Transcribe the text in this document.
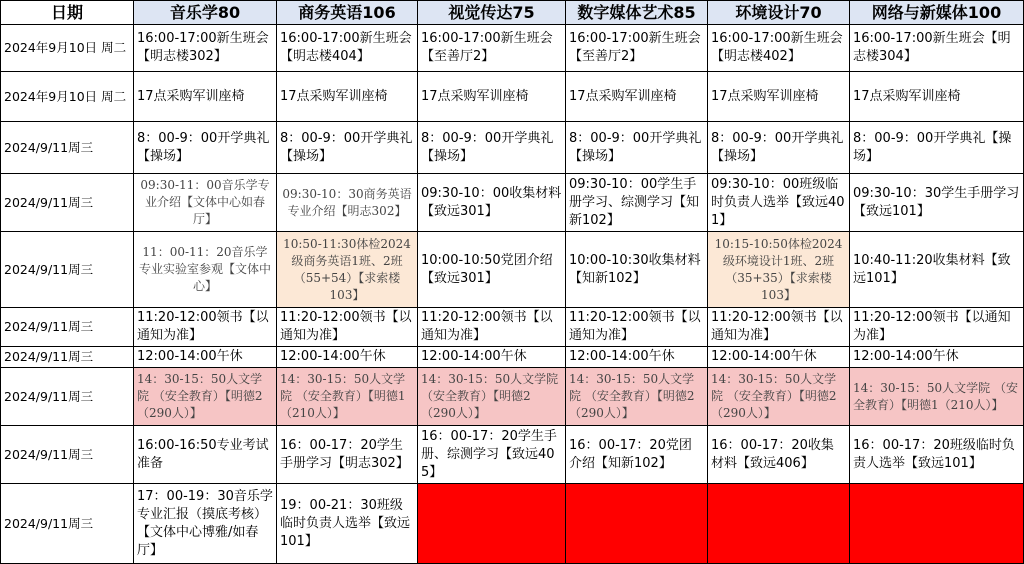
日期	音乐学80	商务英语106	视觉传达75	数字媒体艺术85	环境设计70	网络与新媒体100
2024年9月10日 周二	16:00-17:00新生班会【明志楼302】	16:00-17:00新生班会【明志楼404】	16:00-17:00新生班会【至善厅2】	16:00-17:00新生班会【至善厅2】	16:00-17:00新生班会【明志楼402】	16:00-17:00新生班会【明志楼304】
2024年9月10日 周二	17点采购军训座椅	17点采购军训座椅	17点采购军训座椅	17点采购军训座椅	17点采购军训座椅	17点采购军训座椅
2024/9/11周三	8：00-9：00开学典礼【操场】	8：00-9：00开学典礼【操场】	8：00-9：00开学典礼【操场】	8：00-9：00开学典礼【操场】	8：00-9：00开学典礼【操场】	8：00-9：00开学典礼【操场】
2024/9/11周三	09:30-11：00音乐学专业介绍【文体中心如春厅】	09:30-10：30商务英语专业介绍【明志302】	09:30-10：00收集材料【致远301】	09:30-10：00学生手册学习、综测学习【知新102】	09:30-10：00班级临时负责人选举【致远401】	09:30-10：30学生手册学习【致远101】
2024/9/11周三	11：00-11：20音乐学专业实验室参观【文体中心】	10:50-11:30体检2024级商务英语1班、2班（55+54）【求索楼103】	10:00-10:50党团介绍【致远301】	10:00-10:30收集材料【知新102】	10:15-10:50体检2024级环境设计1班、2班（35+35）【求索楼103】	10:40-11:20收集材料【致远101】
2024/9/11周三	11:20-12:00领书【以通知为准】	11:20-12:00领书【以通知为准】	11:20-12:00领书【以通知为准】	11:20-12:00领书【以通知为准】	11:20-12:00领书【以通知为准】	11:20-12:00领书【以通知为准】
2024/9/11周三	12:00-14:00午休	12:00-14:00午休	12:00-14:00午休	12:00-14:00午休	12:00-14:00午休	12:00-14:00午休
2024/9/11周三	14：30-15：50人文学院 （安全教育）【明德2（290人）】	14：30-15：50人文学院 （安全教育）【明德1（210人）】	14：30-15：50人文学院 （安全教育）【明德2（290人）】	14：30-15：50人文学院 （安全教育）【明德2（290人）】	14：30-15：50人文学院 （安全教育）【明德2（290人）】	14：30-15：50人文学院 （安全教育）【明德1（210人）】
2024/9/11周三	16:00-16:50专业考试准备	16：00-17：20学生手册学习【明志302】	16：00-17：20学生手册、综测学习【致远405】	16：00-17：20党团介绍【知新102】	16：00-17：20收集材料【致远406】	16：00-17：20班级临时负责人选举【致远101】
2024/9/11周三	17：00-19：30音乐学专业汇报（摸底考核）【文体中心博雅/如春厅】	19：00-21：30班级临时负责人选举【致远101】				
